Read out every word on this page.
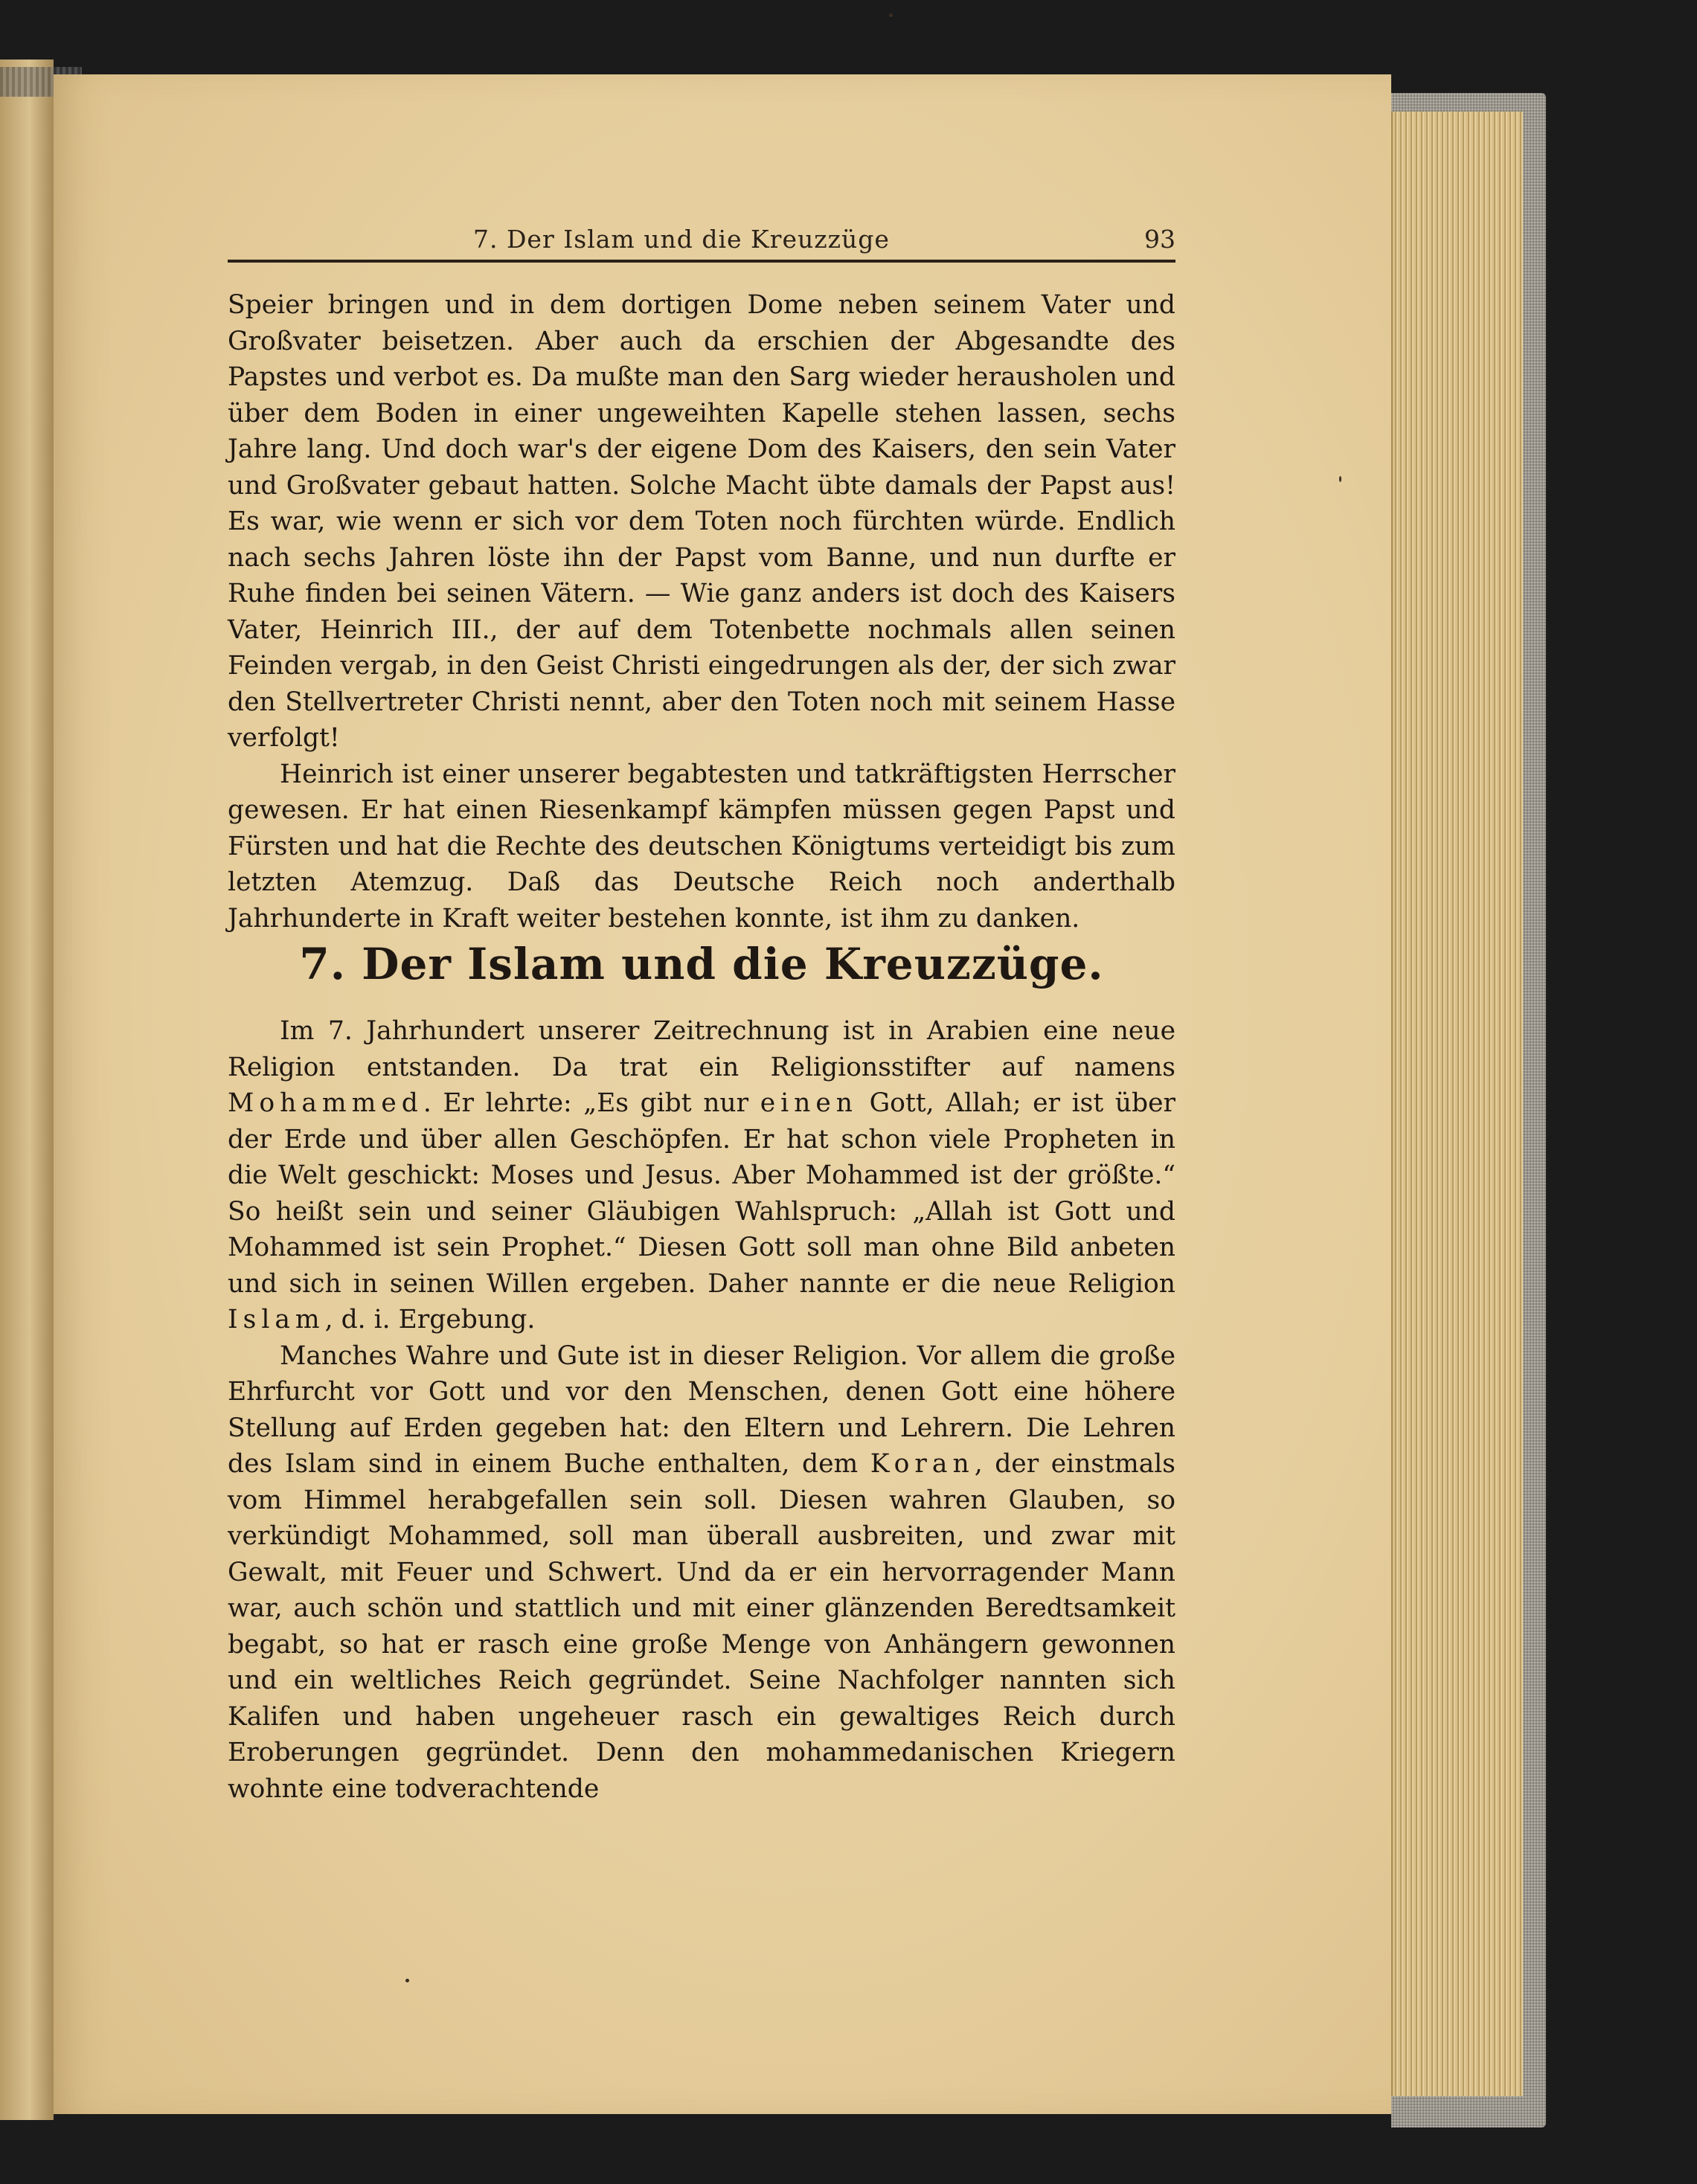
7. Der Islam und die Kreuzzüge	93

Speier bringen und in dem dortigen Dome neben seinem Vater und Großvater beisetzen. Aber auch da erschien der Abgesandte des Papstes und verbot es. Da mußte man den Sarg wieder herausholen und über dem Boden in einer ungeweihten Kapelle stehen lassen, sechs Jahre lang. Und doch war's der eigene Dom des Kaisers, den sein Vater und Großvater gebaut hatten. Solche Macht übte damals der Papst aus! Es war, wie wenn er sich vor dem Toten noch fürchten würde. Endlich nach sechs Jahren löste ihn der Papst vom Banne, und nun durfte er Ruhe finden bei seinen Vätern. — Wie ganz anders ist doch des Kaisers Vater, Heinrich III., der auf dem Totenbette nochmals allen seinen Feinden vergab, in den Geist Christi eingedrungen als der, der sich zwar den Stellvertreter Christi nennt, aber den Toten noch mit seinem Hasse verfolgt!

Heinrich ist einer unserer begabtesten und tatkräftigsten Herrscher gewesen. Er hat einen Riesenkampf kämpfen müssen gegen Papst und Fürsten und hat die Rechte des deutschen Königtums verteidigt bis zum letzten Atemzug. Daß das Deutsche Reich noch anderthalb Jahrhunderte in Kraft weiter bestehen konnte, ist ihm zu danken.

7. Der Islam und die Kreuzzüge.

Im 7. Jahrhundert unserer Zeitrechnung ist in Arabien eine neue Religion entstanden. Da trat ein Religionsstifter auf namens Mohammed. Er lehrte: „Es gibt nur einen Gott, Allah; er ist über der Erde und über allen Geschöpfen. Er hat schon viele Propheten in die Welt geschickt: Moses und Jesus. Aber Mohammed ist der größte.“ So heißt sein und seiner Gläubigen Wahlspruch: „Allah ist Gott und Mohammed ist sein Prophet.“ Diesen Gott soll man ohne Bild anbeten und sich in seinen Willen ergeben. Daher nannte er die neue Religion Islam, d. i. Ergebung.

Manches Wahre und Gute ist in dieser Religion. Vor allem die große Ehrfurcht vor Gott und vor den Menschen, denen Gott eine höhere Stellung auf Erden gegeben hat: den Eltern und Lehrern. Die Lehren des Islam sind in einem Buche enthalten, dem Koran, der einstmals vom Himmel herabgefallen sein soll. Diesen wahren Glauben, so verkündigt Mohammed, soll man überall ausbreiten, und zwar mit Gewalt, mit Feuer und Schwert. Und da er ein hervorragender Mann war, auch schön und stattlich und mit einer glänzenden Beredtsamkeit begabt, so hat er rasch eine große Menge von Anhängern gewonnen und ein weltliches Reich gegründet. Seine Nachfolger nannten sich Kalifen und haben ungeheuer rasch ein gewaltiges Reich durch Eroberungen gegründet. Denn den mohammedanischen Kriegern wohnte eine todverachtende
